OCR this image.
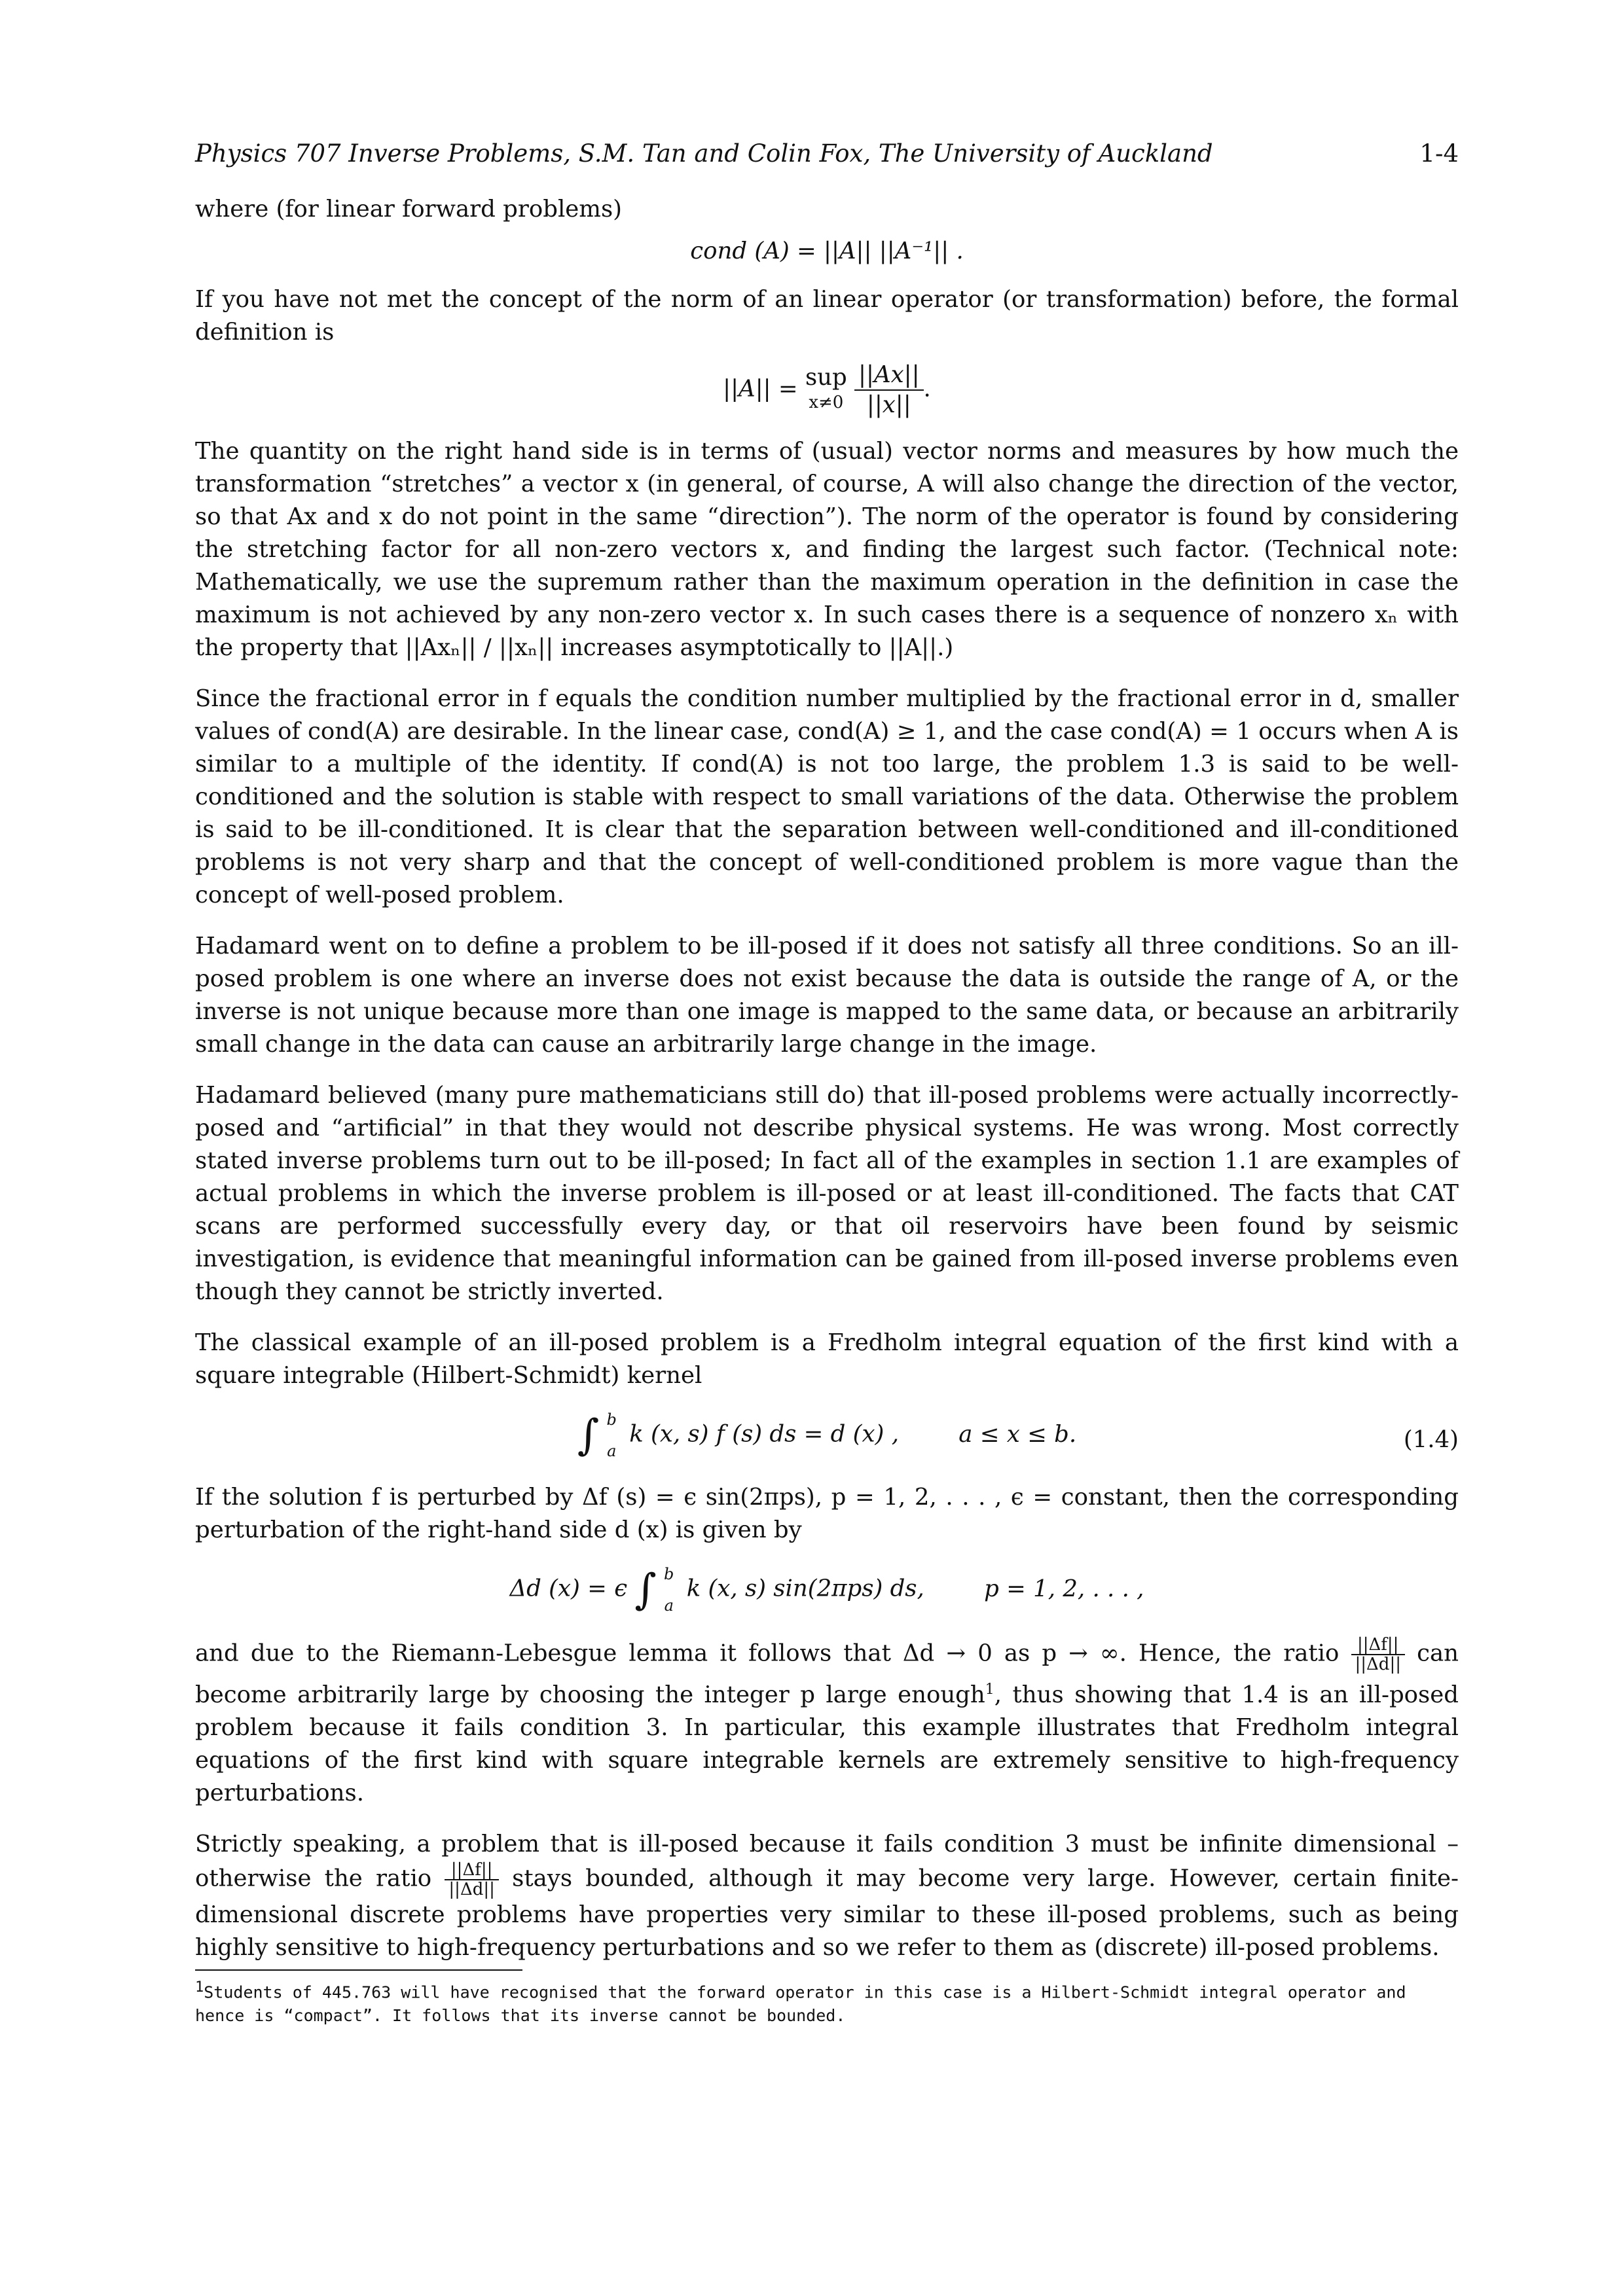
Physics 707 Inverse Problems, S.M. Tan and Colin Fox, The University of Auckland	1-4

where (for linear forward problems)

cond (A) = ||A|| ||A⁻¹|| .

If you have not met the concept of the norm of an linear operator (or transformation) before, the formal definition is

||A|| = sup
x≠0
$\frac{||Ax||}{||x||}$ .

The quantity on the right hand side is in terms of (usual) vector norms and measures by how much the transformation “stretches” a vector x (in general, of course, A will also change the direction of the vector, so that Ax and x do not point in the same “direction”). The norm of the operator is found by considering the stretching factor for all non-zero vectors x, and finding the largest such factor. (Technical note: Mathematically, we use the supremum rather than the maximum operation in the definition in case the maximum is not achieved by any non-zero vector x. In such cases there is a sequence of nonzero xₙ with the property that ||Axₙ|| / ||xₙ|| increases asymptotically to ||A||.)

Since the fractional error in f equals the condition number multiplied by the fractional error in d, smaller values of cond(A) are desirable. In the linear case, cond(A) ≥ 1, and the case cond(A) = 1 occurs when A is similar to a multiple of the identity. If cond(A) is not too large, the problem 1.3 is said to be well-conditioned and the solution is stable with respect to small variations of the data. Otherwise the problem is said to be ill-conditioned. It is clear that the separation between well-conditioned and ill-conditioned problems is not very sharp and that the concept of well-conditioned problem is more vague than the concept of well-posed problem.

Hadamard went on to define a problem to be ill-posed if it does not satisfy all three conditions. So an ill-posed problem is one where an inverse does not exist because the data is outside the range of A, or the inverse is not unique because more than one image is mapped to the same data, or because an arbitrarily small change in the data can cause an arbitrarily large change in the image.

Hadamard believed (many pure mathematicians still do) that ill-posed problems were actually incorrectly-posed and “artificial” in that they would not describe physical systems. He was wrong. Most correctly stated inverse problems turn out to be ill-posed; In fact all of the examples in section 1.1 are examples of actual problems in which the inverse problem is ill-posed or at least ill-conditioned. The facts that CAT scans are performed successfully every day, or that oil reservoirs have been found by seismic investigation, is evidence that meaningful information can be gained from ill-posed inverse problems even though they cannot be strictly inverted.

The classical example of an ill-posed problem is a Fredholm integral equation of the first kind with a square integrable (Hilbert-Schmidt) kernel

∫ b
a
k (x, s) f (s) ds = d (x) ,	a ≤ x ≤ b.	(1.4)

If the solution f is perturbed by Δf (s) = ϵ sin(2πps), p = 1, 2, . . . , ϵ = constant, then the corresponding perturbation of the right-hand side d (x) is given by

Δd (x) = ϵ ∫ b
a
k (x, s) sin(2πps) ds,	p = 1, 2, . . . ,

and due to the Riemann-Lebesgue lemma it follows that Δd → 0 as p → ∞. Hence, the ratio $\frac{||\Delta f||}{||\Delta d||}$ can become arbitrarily large by choosing the integer p large enough$^1$, thus showing that 1.4 is an ill-posed problem because it fails condition 3. In particular, this example illustrates that Fredholm integral equations of the first kind with square integrable kernels are extremely sensitive to high-frequency perturbations.

Strictly speaking, a problem that is ill-posed because it fails condition 3 must be infinite dimensional – otherwise the ratio $\frac{||\Delta f||}{||\Delta d||}$ stays bounded, although it may become very large. However, certain finite-dimensional discrete problems have properties very similar to these ill-posed problems, such as being highly sensitive to high-frequency perturbations and so we refer to them as (discrete) ill-posed problems.

$^1$Students of 445.763 will have recognised that the forward operator in this case is a Hilbert-Schmidt integral operator and hence is “compact”. It follows that its inverse cannot be bounded.
